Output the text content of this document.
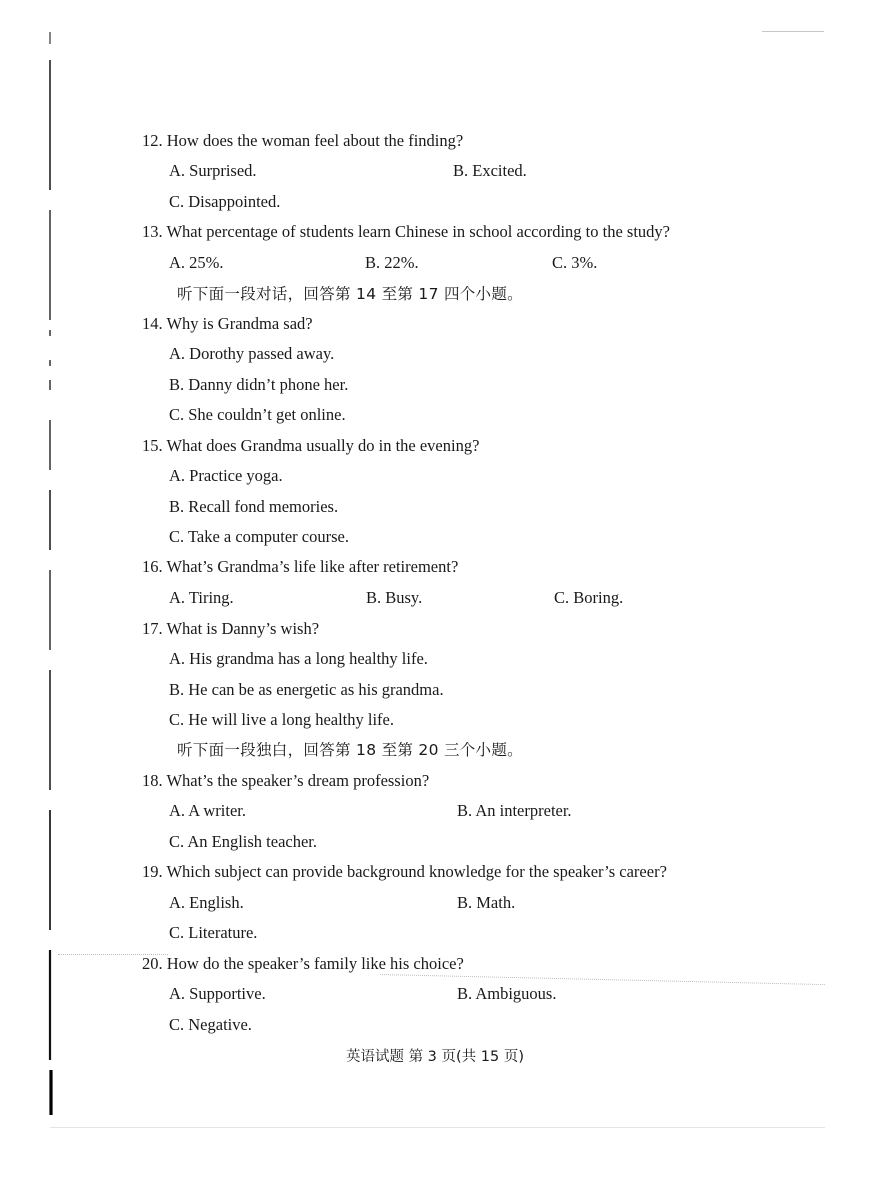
12. How does the woman feel about the finding?
A. Surprised.	B. Excited.
C. Disappointed.
13. What percentage of students learn Chinese in school according to the study?
A. 25%.	B. 22%.	C. 3%.
听下面一段对话，回答第 14 至第 17 四个小题。
14. Why is Grandma sad?
A. Dorothy passed away.
B. Danny didn’t phone her.
C. She couldn’t get online.
15. What does Grandma usually do in the evening?
A. Practice yoga.
B. Recall fond memories.
C. Take a computer course.
16. What’s Grandma’s life like after retirement?
A. Tiring.	B. Busy.	C. Boring.
17. What is Danny’s wish?
A. His grandma has a long healthy life.
B. He can be as energetic as his grandma.
C. He will live a long healthy life.
听下面一段独白，回答第 18 至第 20 三个小题。
18. What’s the speaker’s dream profession?
A. A writer.	B. An interpreter.
C. An English teacher.
19. Which subject can provide background knowledge for the speaker’s career?
A. English.	B. Math.
C. Literature.
20. How do the speaker’s family like his choice?
A. Supportive.	B. Ambiguous.
C. Negative.
英语试题 第 3 页(共 15 页)
